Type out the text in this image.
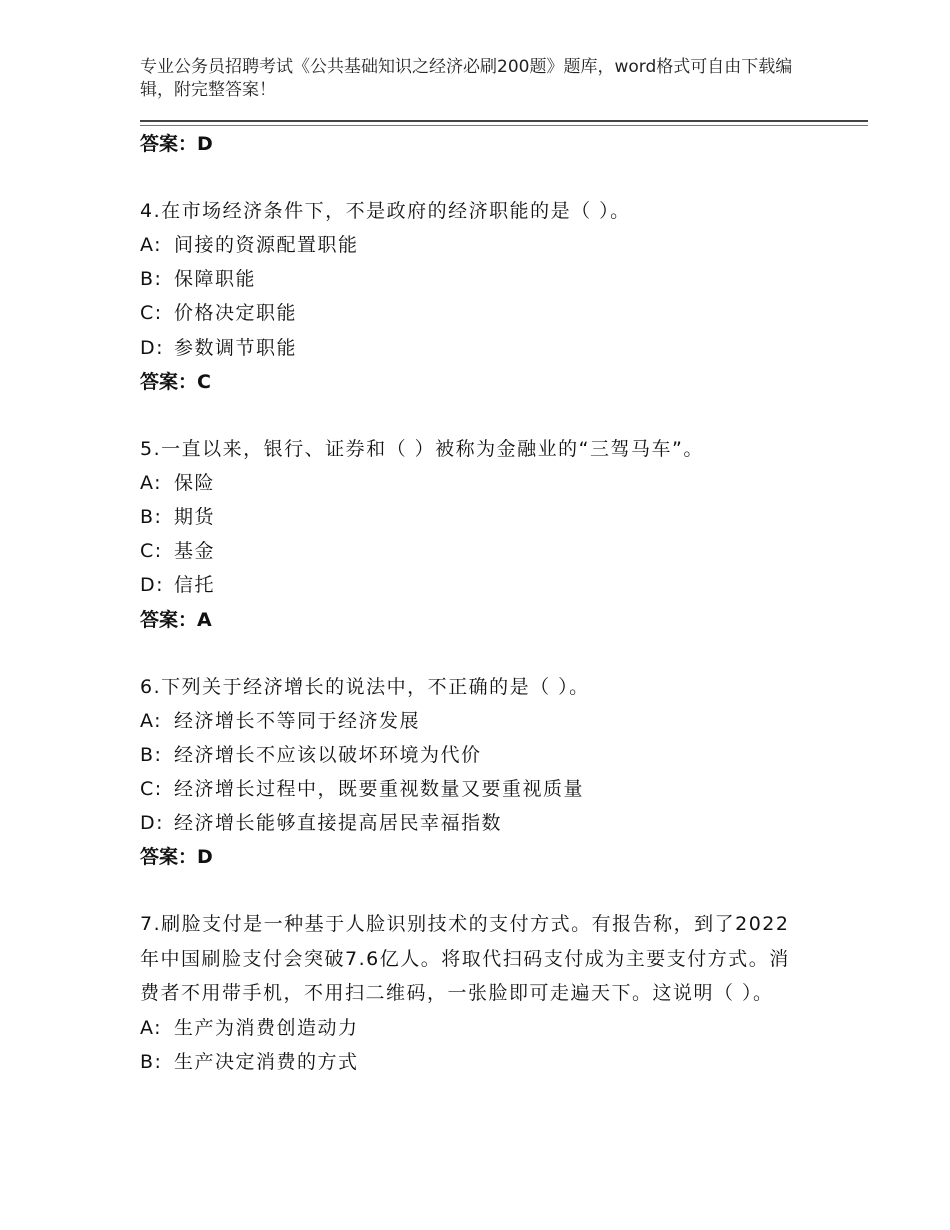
专业公务员招聘考试《公共基础知识之经济必刷200题》题库，word格式可自由下载编辑，附完整答案！

答案：D

4.在市场经济条件下，不是政府的经济职能的是（ ）。

A: 间接的资源配置职能

B: 保障职能

C: 价格决定职能

D: 参数调节职能

答案：C

5.一直以来，银行、证券和（ ）被称为金融业的“三驾马车”。

A: 保险

B: 期货

C: 基金

D: 信托

答案：A

6.下列关于经济增长的说法中，不正确的是（ ）。

A: 经济增长不等同于经济发展

B: 经济增长不应该以破坏环境为代价

C: 经济增长过程中，既要重视数量又要重视质量

D: 经济增长能够直接提高居民幸福指数

答案：D

7.刷脸支付是一种基于人脸识别技术的支付方式。有报告称，到了2022年中国刷脸支付会突破7.6亿人。将取代扫码支付成为主要支付方式。消费者不用带手机，不用扫二维码，一张脸即可走遍天下。这说明（ ）。

A: 生产为消费创造动力

B: 生产决定消费的方式
